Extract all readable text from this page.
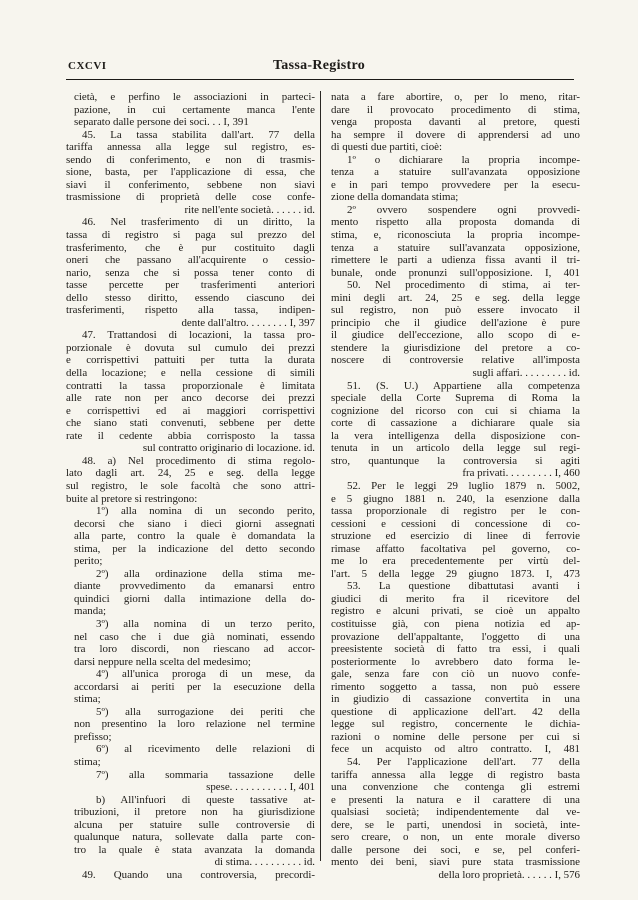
CXCVI	Tassa-Registro
cietà, e perfino le associazioni in parteci-
pazione, in cui certamente manca l'ente
separato dalle persone dei soci. . . I, 391
45. La tassa stabilita dall'art. 77 della
tariffa annessa alla legge sul registro, es-
sendo di conferimento, e non di trasmis-
sione, basta, per l'applicazione di essa, che
siavi il conferimento, sebbene non siavi
trasmissione di proprietà delle cose confe-
rite nell'ente società. . . . . . id.
46. Nel trasferimento di un diritto, la
tassa di registro si paga sul prezzo del
trasferimento, che è pur costituito dagli
oneri che passano all'acquirente o cessio-
nario, senza che si possa tener conto di
tasse percette per trasferimenti anteriori
dello stesso diritto, essendo ciascuno dei
trasferimenti, rispetto alla tassa, indipen-
dente dall'altro. . . . . . . . I, 397
47. Trattandosi di locazioni, la tassa pro-
porzionale è dovuta sul cumulo dei prezzi
e corrispettivi pattuiti per tutta la durata
della locazione; e nella cessione di simili
contratti la tassa proporzionale è limitata
alle rate non per anco decorse dei prezzi
e corrispettivi ed ai maggiori corrispettivi
che siano stati convenuti, sebbene per dette
rate il cedente abbia corrisposto la tassa
sul contratto originario di locazione. id.
48. a) Nel procedimento di stima regolo-
lato dagli art. 24, 25 e seg. della legge
sul registro, le sole facoltà che sono attri-
buite al pretore si restringono:
1º) alla nomina di un secondo perito,
decorsi che siano i dieci giorni assegnati
alla parte, contro la quale è domandata la
stima, per la indicazione del detto secondo
perito;
2º) alla ordinazione della stima me-
diante provvedimento da emanarsi entro
quindici giorni dalla intimazione della do-
manda;
3º) alla nomina di un terzo perito,
nel caso che i due già nominati, essendo
tra loro discordi, non riescano ad accor-
darsi neppure nella scelta del medesimo;
4º) all'unica proroga di un mese, da
accordarsi ai periti per la esecuzione della
stima;
5º) alla surrogazione dei periti che
non presentino la loro relazione nel termine
prefisso;
6º) al ricevimento delle relazioni di
stima;
7º) alla sommaria tassazione delle
spese. . . . . . . . . . . I, 401
b) All'infuori di queste tassative at-
tribuzioni, il pretore non ha giurisdizione
alcuna per statuire sulle controversie di
qualunque natura, sollevate dalla parte con-
tro la quale è stata avanzata la domanda
di stima. . . . . . . . . . id.
49. Quando una controversia, precordi-
nata a fare abortire, o, per lo meno, ritar-
dare il provocato procedimento di stima,
venga proposta davanti al pretore, questi
ha sempre il dovere di apprendersi ad uno
di questi due partiti, cioè:
1º o dichiarare la propria incompe-
tenza a statuire sull'avanzata opposizione
e in pari tempo provvedere per la esecu-
zione della domandata stima;
2º ovvero sospendere ogni provvedi-
mento rispetto alla proposta domanda di
stima, e, riconosciuta la propria incompe-
tenza a statuire sull'avanzata opposizione,
rimettere le parti a udienza fissa avanti il tri-
bunale, onde pronunzi sull'opposizione. I, 401
50. Nel procedimento di stima, ai ter-
mini degli art. 24, 25 e seg. della legge
sul registro, non può essere invocato il
principio che il giudice dell'azione è pure
il giudice dell'eccezione, allo scopo di e-
stendere la giurisdizione del pretore a co-
noscere di controversie relative all'imposta
sugli affari. . . . . . . . . id.
51. (S. U.) Appartiene alla competenza
speciale della Corte Suprema di Roma la
cognizione del ricorso con cui si chiama la
corte di cassazione a dichiarare quale sia
la vera intelligenza della disposizione con-
tenuta in un articolo della legge sul regi-
stro, quantunque la controversia si agiti
fra privati. . . . . . . . . I, 460
52. Per le leggi 29 luglio 1879 n. 5002,
e 5 giugno 1881 n. 240, la esenzione dalla
tassa proporzionale di registro per le con-
cessioni e cessioni di concessione di co-
struzione ed esercizio di linee di ferrovie
rimase affatto facoltativa pel governo, co-
me lo era precedentemente per virtù del-
l'art. 5 della legge 29 giugno 1873. I, 473
53. La questione dibattutasi avanti i
giudici di merito fra il ricevitore del
registro e alcuni privati, se cioè un appalto
costituisse già, con piena notizia ed ap-
provazione dell'appaltante, l'oggetto di una
preesistente società di fatto tra essi, i quali
posteriormente lo avrebbero dato forma le-
gale, senza fare con ciò un nuovo confe-
rimento soggetto a tassa, non può essere
in giudizio di cassazione convertita in una
questione di applicazione dell'art. 42 della
legge sul registro, concernente le dichia-
razioni o nomine delle persone per cui si
fece un acquisto od altro contratto. I, 481
54. Per l'applicazione dell'art. 77 della
tariffa annessa alla legge di registro basta
una convenzione che contenga gli estremi
e presenti la natura e il carattere di una
qualsiasi società; indipendentemente dal ve-
dere, se le parti, unendosi in società, inte-
sero creare, o non, un ente morale diverso
dalle persone dei soci, e se, pel conferi-
mento dei beni, siavi pure stata trasmissione
della loro proprietà. . . . . . I, 576
